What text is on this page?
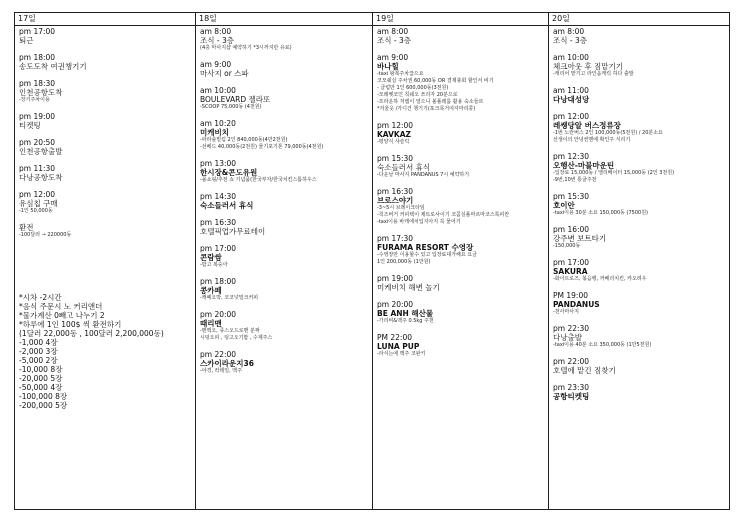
17일
pm 17:00
퇴근
pm 18:00
송도도착 여권챙기기
pm 18:30
인천공항도착
-장기주차이용
pm 19:00
티켓팅
pm 20:50
인천공항출발
pm 11:30
다낭공항도착
pm 12:00
유심칩 구매
-1인 50,000동
환전
-100달러 → 220000동
*시차 -2시간
*음식 주문시 노 커리앤더
*물가계산 0빼고 나누기 2
*하루에 1인 100$ 씩 환전하기
(1달러 22,000동 , 100달러 2,200,000동)
-1,000 4장
-2,000 3장
-5,000 2장
-10,000 8장
-20,000 5장
-50,000 4장
-100,000 8장
-200,000 5장
18일
am 8:00
조식 - 3층
(4층 마사지샵 예약하기 *3시까지만 유료)
am 9:00
마사지 or 스파
am 10:00
BOULEVARD 젤라또
-SCOOP 75,000동 (4천원)
am 10:20
미케비치
-파라솔빌림 2인 840,000동(4만2천원)
-선베드 40,000동(2천원) 물기포기톤 79,000동(4천원)
pm 13:00
한시장&콘도유원
-몰쇼핑/추천 쇼 기념품(한국부자/한국치킨스톰하우스
pm 14:30
숙소들러서 휴식
pm 16:30
호텔픽업가무료테이
pm 17:00
콘람쌈
-팝고 복숭아
pm 18:00
콩카페
-캐페오박, 코코넛밀크커피
pm 20:00
때리맨
-맨맥오, 쥬스오드로맨 분짜
시팅오피 , 텅고오기팝 , 수제주스
pm 22:00
스카이라운지36
-야경, 칵테일, 맥주
19일
am 8:00
조식 - 3층
am 9:00
바나힐
-taxi 왕복주차끊으요
코모쉐실 주차권 60,000동 OR 결제총회 할인서 비기
- 클럽만 1인 600,000동(3천원)
-모레벳코인 칙쉐오 쓰리자 20분으로
-프라운하 처렘이 열으니 볼폴레룸 활용 숙소들르
*겨울옷 /가디건 챙기기(포크목거여자마리콩)
pm 12:00
KAVKAZ
-평양식 샤슬릭
pm 15:30
숙소들러서 휴식
-다운날 마사지 PANDANUS 7시 예약하기
pm 16:30
브로스야기
-3~5시 브레이크타임
-칙즈버거 커피텍이 제트로사이기 코콤실폴마르마코스톡피칸
-taxi이용 바캐에치입지아지 꼭 물어기
pm 17:30
FURAMA RESORT 수영장
-수영장만 이용할수 있고 입장료대가해요 요금
1인 200,000동 (1만원)
pm 19:00
미케비치 해변 놀기
pm 20:00
BE ANH 해산물
-가리비&맥주 0.5kg 주천
PM 22:00
LUNA PUP
-라식는에 맥주 코완키
20일
am 8:00
조식 - 3층
am 10:00
체크아웃 후 짐맡기기
-캐리어 맡기고 라인옵캐릭 하다 출발
am 11:00
다낭대성당
pm 12:00
레쌩당알 버스정류장
-1번 노란버스 2인 100,000동(5천원) / 20분소요
선생이의 안녕씬맨에 확인주 식리기
pm 12:30
오행산-마블마운틴
-입장료 15,000동 / 엘리베이터 15,000동 (2인 3천원)
-9번,10번 통굴주천
pm 15:30
호이안
-taxi이용 30분 소요 150,000동 (7500원)
pm 16:00
강주변 보트타기
-150,000동
pm 17:00
SAKURA
-화이트로즈, 볶음뱅, 까베리치킨, 캬오려우
PM 19:00
PANDANUS
-천사마사지
pm 22:30
다낭출발
-taxi이용 40분 소요 350,000동 (1만5천원)
pm 22:00
호텔에 맡긴 짐찾기
pm 23:30
공항티켓팅
